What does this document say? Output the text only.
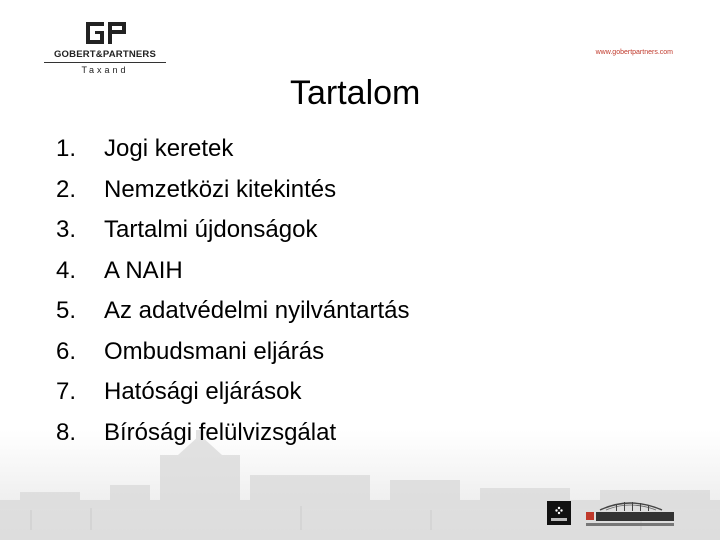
GOBERT&PARTNERS
Taxand
www.gobertpartners.com
Tartalom
1. Jogi keretek
2. Nemzetközi kitekintés
3. Tartalmi újdonságok
4. A NAIH
5. Az adatvédelmi nyilvántartás
6. Ombudsmani eljárás
7. Hatósági eljárások
8. Bírósági felülvizsgálat
